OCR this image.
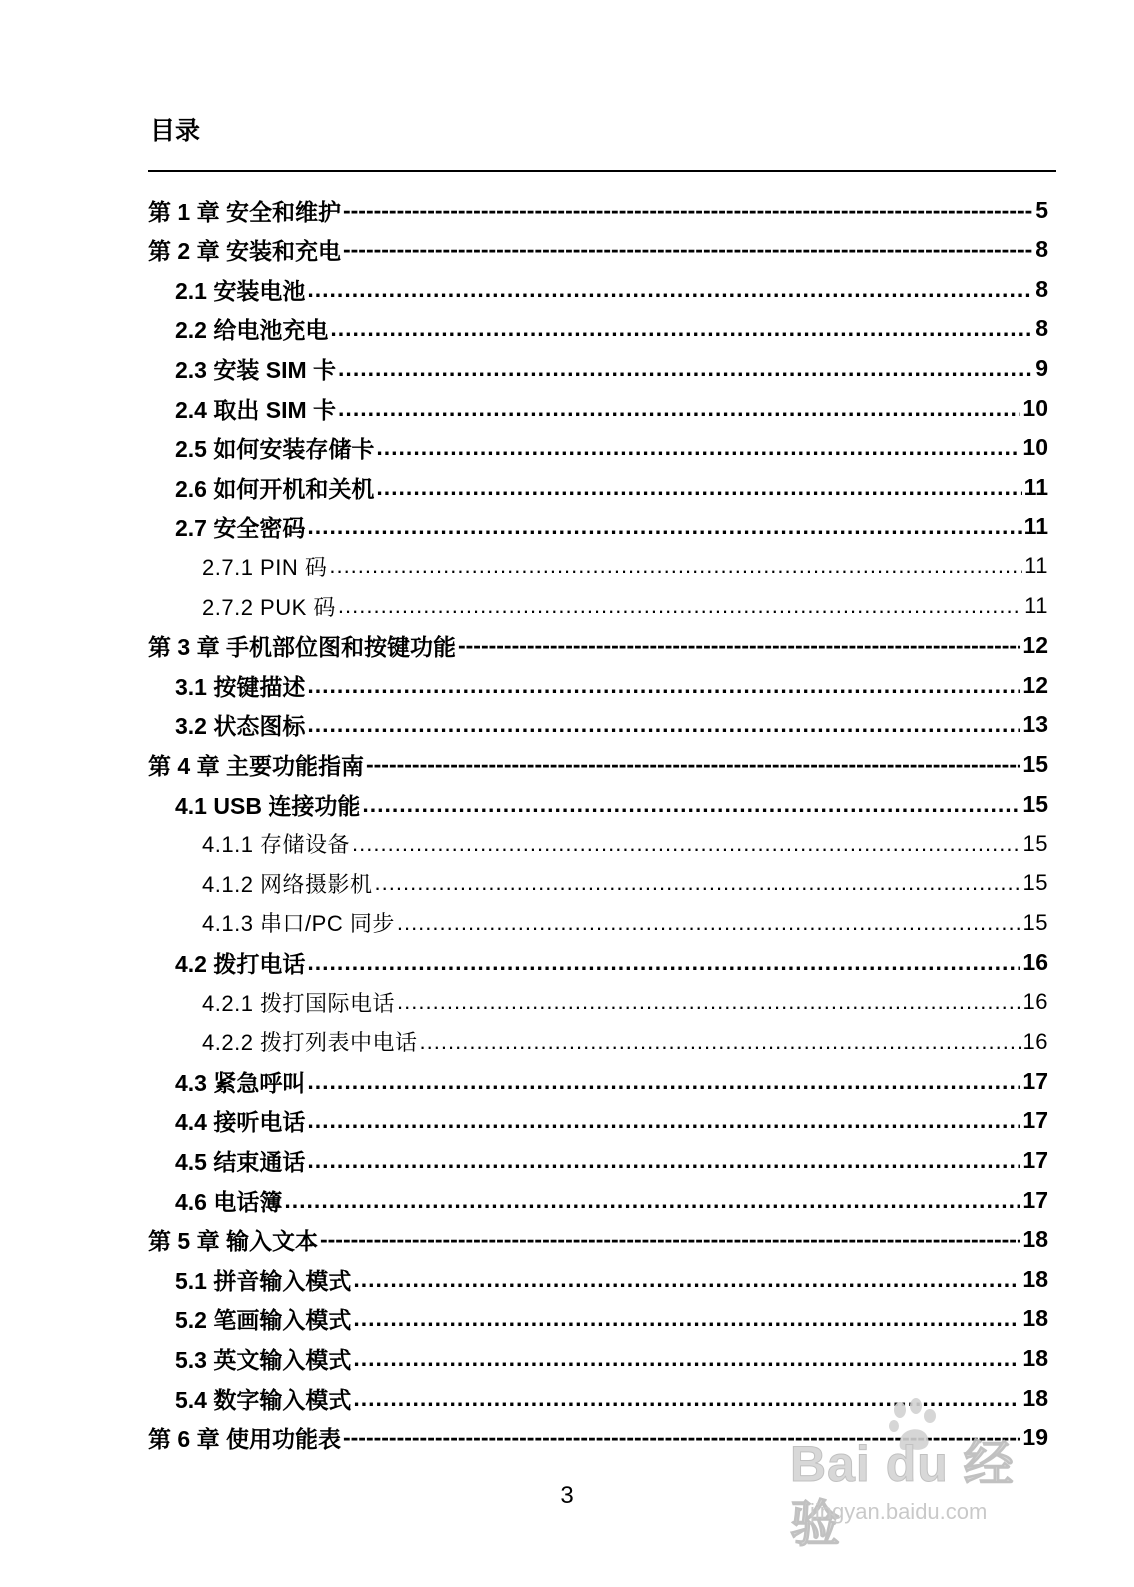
目录
第 1 章 安全和维护 -----	5
第 2 章 安装和充电 -----	8
2.1 安装电池 .....	8
2.2 给电池充电 .....	8
2.3 安装 SIM 卡 .....	9
2.4 取出 SIM 卡 .....	10
2.5 如何安装存储卡 .....	10
2.6 如何开机和关机 .....	11
2.7 安全密码 .....	11
2.7.1 PIN 码 .....	11
2.7.2 PUK 码 .....	11
第 3 章 手机部位图和按键功能 -----	12
3.1 按键描述 .....	12
3.2 状态图标 .....	13
第 4 章 主要功能指南 -----	15
4.1 USB 连接功能 .....	15
4.1.1 存储设备 .....	15
4.1.2 网络摄影机 .....	15
4.1.3 串口/PC 同步 .....	15
4.2 拨打电话 .....	16
4.2.1 拨打国际电话 .....	16
4.2.2 拨打列表中电话 .....	16
4.3 紧急呼叫 .....	17
4.4 接听电话 .....	17
4.5 结束通话 .....	17
4.6 电话簿 .....	17
第 5 章 输入文本 -----	18
5.1 拼音输入模式 .....	18
5.2 笔画输入模式 .....	18
5.3 英文输入模式 .....	18
5.4 数字输入模式 .....	18
第 6 章 使用功能表 -----	19
3
Bai du 经验
jingyan.baidu.com
